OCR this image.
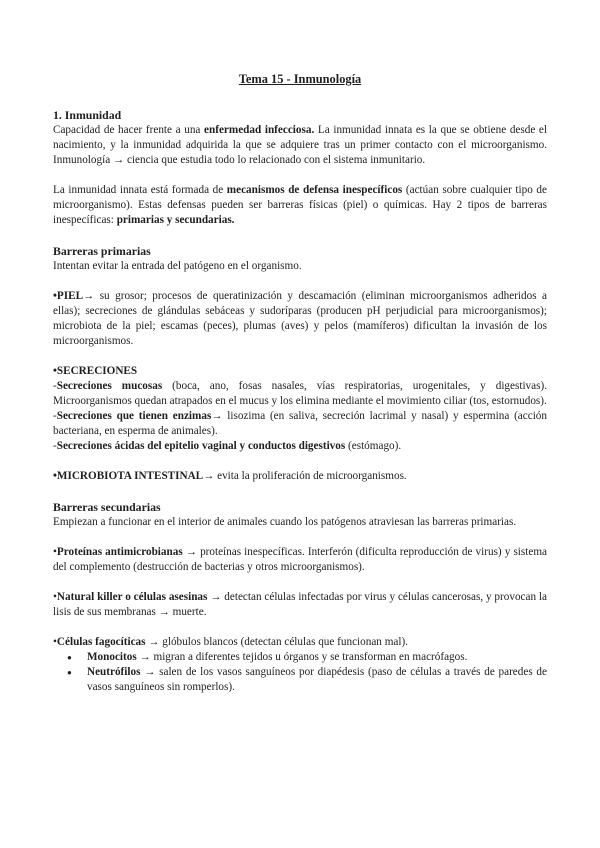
Tema 15 - Inmunología
1. Inmunidad

Capacidad de hacer frente a una enfermedad infecciosa. La inmunidad innata es la que se obtiene desde el nacimiento, y la inmunidad adquirida la que se adquiere tras un primer contacto con el microorganismo. Inmunología → ciencia que estudia todo lo relacionado con el sistema inmunitario.

La inmunidad innata está formada de mecanismos de defensa inespecíficos (actúan sobre cualquier tipo de microorganismo). Estas defensas pueden ser barreras físicas (piel) o químicas. Hay 2 tipos de barreras inespecíficas: primarias y secundarias.

Barreras primarias

Intentan evitar la entrada del patógeno en el organismo.

•PIEL→ su grosor; procesos de queratinización y descamación (eliminan microorganismos adheridos a ellas); secreciones de glándulas sebáceas y sudoríparas (producen pH perjudicial para microorganismos); microbiota de la piel; escamas (peces), plumas (aves) y pelos (mamíferos) dificultan la invasión de los microorganismos.

•SECRECIONES

-Secreciones mucosas (boca, ano, fosas nasales, vías respiratorias, urogenitales, y digestivas). Microorganismos quedan atrapados en el mucus y los elimina mediante el movimiento ciliar (tos, estornudos).

-Secreciones que tienen enzimas→ lisozima (en saliva, secreción lacrimal y nasal) y espermina (acción bacteriana, en esperma de animales).

-Secreciones ácidas del epitelio vaginal y conductos digestivos (estómago).

•MICROBIOTA INTESTINAL→ evita la proliferación de microorganismos.

Barreras secundarias

Empiezan a funcionar en el interior de animales cuando los patógenos atraviesan las barreras primarias.

•Proteínas antimicrobianas → proteínas inespecíficas. Interferón (dificulta reproducción de virus) y sistema del complemento (destrucción de bacterias y otros microorganismos).

•Natural killer o células asesinas → detectan células infectadas por virus y células cancerosas, y provocan la lisis de sus membranas → muerte.

•Células fagocíticas → glóbulos blancos (detectan células que funcionan mal).

● Monocitos → migran a diferentes tejidos u órganos y se transforman en macrófagos.
● Neutrófilos → salen de los vasos sanguíneos por diapédesis (paso de células a través de paredes de vasos sanguíneos sin romperlos).
